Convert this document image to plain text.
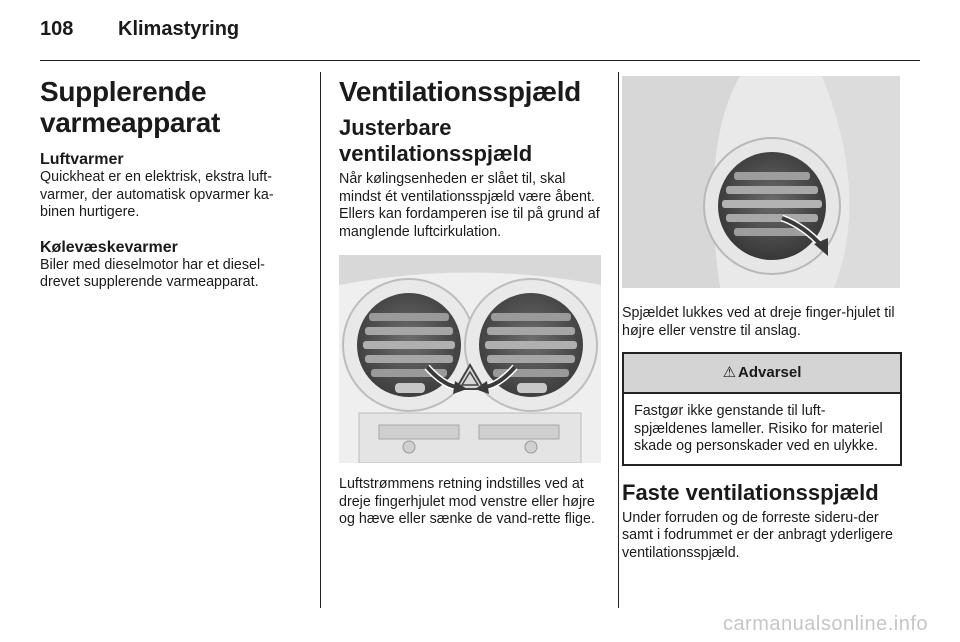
108 Klimastyring
Supplerende varmeapparat
Luftvarmer

Quickheat er en elektrisk, ekstra luft-varmer, der automatisk opvarmer ka-binen hurtigere.

Kølevæskevarmer

Biler med dieselmotor har et diesel-drevet supplerende varmeapparat.

Ventilationsspjæld
Justerbare ventilationsspjæld

Når kølingsenheden er slået til, skal mindst ét ventilationsspjæld være åbent. Ellers kan fordamperen ise til på grund af manglende luftcirkulation.

Luftstrømmens retning indstilles ved at dreje fingerhjulet mod venstre eller højre og hæve eller sænke de vand-rette flige.

Spjældet lukkes ved at dreje finger-hjulet til højre eller venstre til anslag.

⚠ Advarsel
Fastgør ikke genstande til luft-spjældenes lameller. Risiko for materiel skade og personskader ved en ulykke.
Faste ventilationsspjæld

Under forruden og de forreste sideru-der samt i fodrummet er der anbragt yderligere ventilationsspjæld.

carmanualsonline.info
